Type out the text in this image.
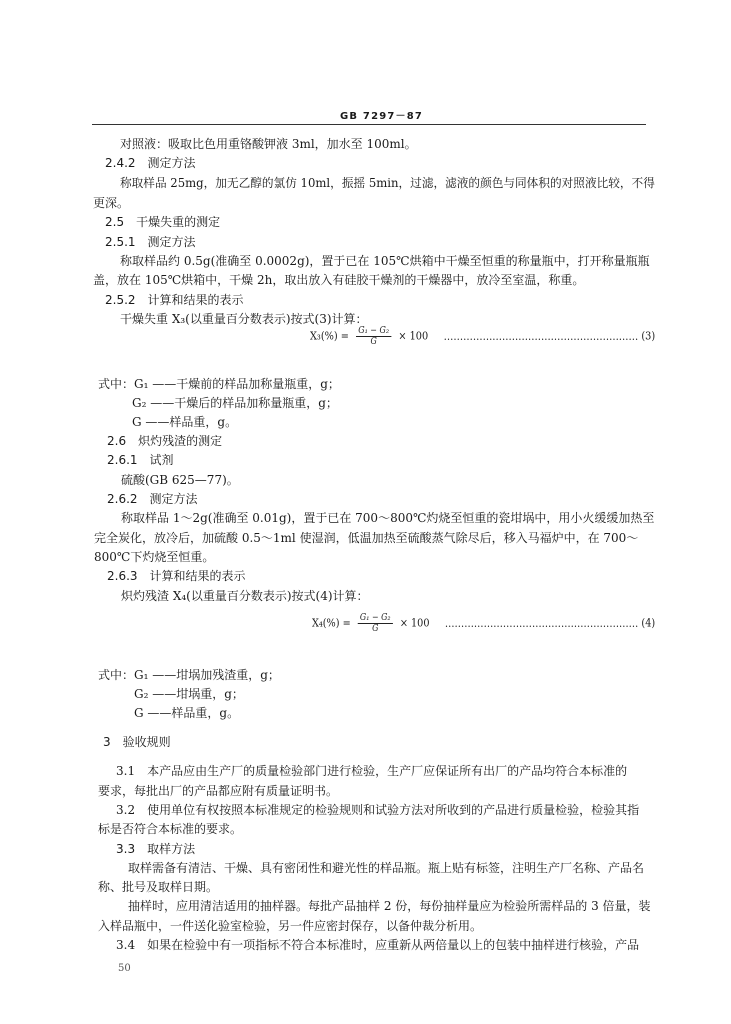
GB 7297－87
对照液：吸取比色用重铬酸钾液 3ml，加水至 100ml。
2.4.2　测定方法
称取样品 25mg，加无乙醇的氯仿 10ml，振摇 5min，过滤，滤液的颜色与同体积的对照液比较，不得
更深。
2.5　干燥失重的测定
2.5.1　测定方法
称取样品约 0.5g(准确至 0.0002g)，置于已在 105℃烘箱中干燥至恒重的称量瓶中，打开称量瓶瓶
盖，放在 105℃烘箱中，干燥 2h，取出放入有硅胶干燥剂的干燥器中，放冷至室温，称重。
2.5.2　计算和结果的表示
干燥失重 X₃(以重量百分数表示)按式(3)计算：
$X_3(\%) = \frac{\text{G₁ − G₂}}{G} \times 100$ …………………………………………………… (3)
式中：G₁ ——干燥前的样品加称量瓶重，g；
G₂ ——干燥后的样品加称量瓶重，g；
G ——样品重，g。
2.6　炽灼残渣的测定
2.6.1　试剂
硫酸(GB 625—77)。
2.6.2　测定方法
称取样品 1～2g(准确至 0.01g)，置于已在 700～800℃灼烧至恒重的瓷坩埚中，用小火缓缓加热至
完全炭化，放冷后，加硫酸 0.5～1ml 使湿润，低温加热至硫酸蒸气除尽后，移入马福炉中，在 700～
800℃下灼烧至恒重。
2.6.3　计算和结果的表示
炽灼残渣 X₄(以重量百分数表示)按式(4)计算：
$X_4(\%) = \frac{\text{G₁ − G₂}}{G} \times 100$ …………………………………………………… (4)
式中：G₁ ——坩埚加残渣重，g；
G₂ ——坩埚重，g；
G ——样品重，g。
3　验收规则
3.1　本产品应由生产厂的质量检验部门进行检验，生产厂应保证所有出厂的产品均符合本标准的
要求，每批出厂的产品都应附有质量证明书。
3.2　使用单位有权按照本标准规定的检验规则和试验方法对所收到的产品进行质量检验，检验其指
标是否符合本标准的要求。
3.3　取样方法
取样需备有清洁、干燥、具有密闭性和避光性的样品瓶。瓶上贴有标签，注明生产厂名称、产品名
称、批号及取样日期。
抽样时，应用清洁适用的抽样器。每批产品抽样 2 份，每份抽样量应为检验所需样品的 3 倍量，装
入样品瓶中，一件送化验室检验，另一件应密封保存，以备仲裁分析用。
3.4　如果在检验中有一项指标不符合本标准时，应重新从两倍量以上的包装中抽样进行核验，产品
50
